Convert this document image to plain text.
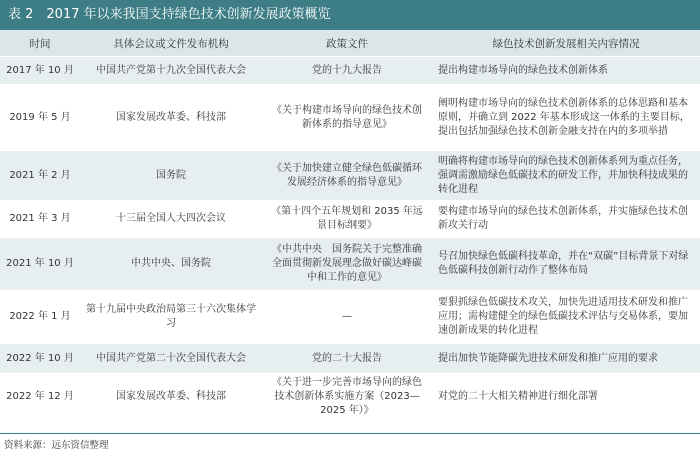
表 2　2017 年以来我国支持绿色技术创新发展政策概览
时间	具体会议或文件发布机构	政策文件	绿色技术创新发展相关内容情况
2017 年 10 月	中国共产党第十九次全国代表大会	党的十九大报告	提出构建市场导向的绿色技术创新体系
2019 年 5 月	国家发展改革委、科技部	《关于构建市场导向的绿色技术创新体系的指导意见》	阐明构建市场导向的绿色技术创新体系的总体思路和基本原则，并确立到 2022 年基本形成这一体系的主要目标，提出包括加强绿色技术创新金融支持在内的多项举措
2021 年 2 月	国务院	《关于加快建立健全绿色低碳循环发展经济体系的指导意见》	明确将构建市场导向的绿色技术创新体系列为重点任务，强调需激励绿色低碳技术的研发工作，并加快科技成果的转化进程
2021 年 3 月	十三届全国人大四次会议	《第十四个五年规划和 2035 年远景目标纲要》	要构建市场导向的绿色技术创新体系，并实施绿色技术创新攻关行动
2021 年 10 月	中共中央、国务院	《中共中央　国务院关于完整准确全面贯彻新发展理念做好碳达峰碳中和工作的意见》	号召加快绿色低碳科技革命，并在“双碳”目标背景下对绿色低碳科技创新行动作了整体布局
2022 年 1 月	第十九届中央政治局第三十六次集体学习	—	要狠抓绿色低碳技术攻关，加快先进适用技术研发和推广应用；需构建健全的绿色低碳技术评估与交易体系，要加速创新成果的转化进程
2022 年 10 月	中国共产党第二十次全国代表大会	党的二十大报告	提出加快节能降碳先进技术研发和推广应用的要求
2022 年 12 月	国家发展改革委、科技部	《关于进一步完善市场导向的绿色技术创新体系实施方案（2023—2025 年）》	对党的二十大相关精神进行细化部署
资料来源：远东资信整理
